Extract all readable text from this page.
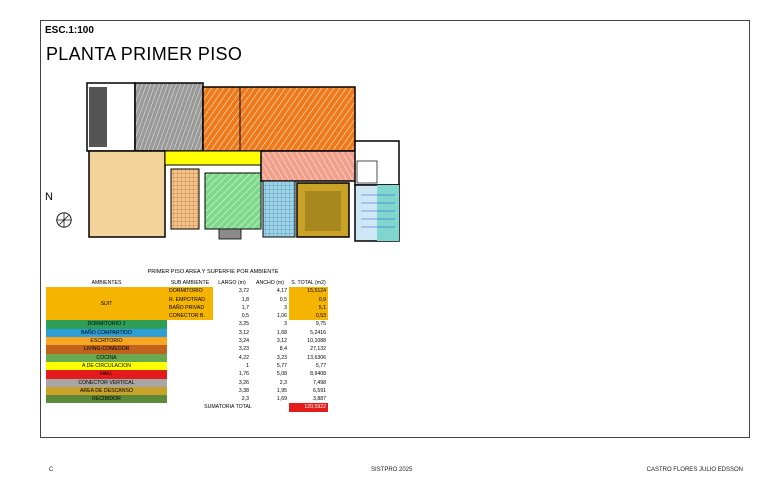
ESC.1:100
PLANTA PRIMER PISO
N
PRIMER PISO AREA Y SUPERFIE POR AMBIENTE
AMBIENTES	SUB AMBIENTE	LARGO (m)	ANCHO (m)	S. TOTAL (m2)
SUIT	DORMITORIO	3,72	4,17	15,5124
	R. EMPOTRAD	1,8	0,5	0,9
	BAÑO PRIVAD	1,7	3	5,1
	CONECTOR B.	0,5	1,06	0,53
DORMITORIO 1		3,25	3	9,75
BAÑO COMPARTIDO		3,12	1,68	5,2416
ESCRITORIO		3,24	3,12	10,1088
LIVING-COMEDOR		3,23	8,4	27,132
COCINA		4,22	3,23	13,6306
A DE CIRCULACION		1	5,77	5,77
HALL		1,76	5,08	8,9408
CONECTOR VERTICAL		3,26	2,3	7,498
AREA DE DESCANSO		3,38	1,95	6,591
RECIBIDOR		2,3	1,69	3,887
	SUMATORIA TOTAL			120,5922
C	SISTPRO 2025	CASTRO FLORES JULIO EDSSON
